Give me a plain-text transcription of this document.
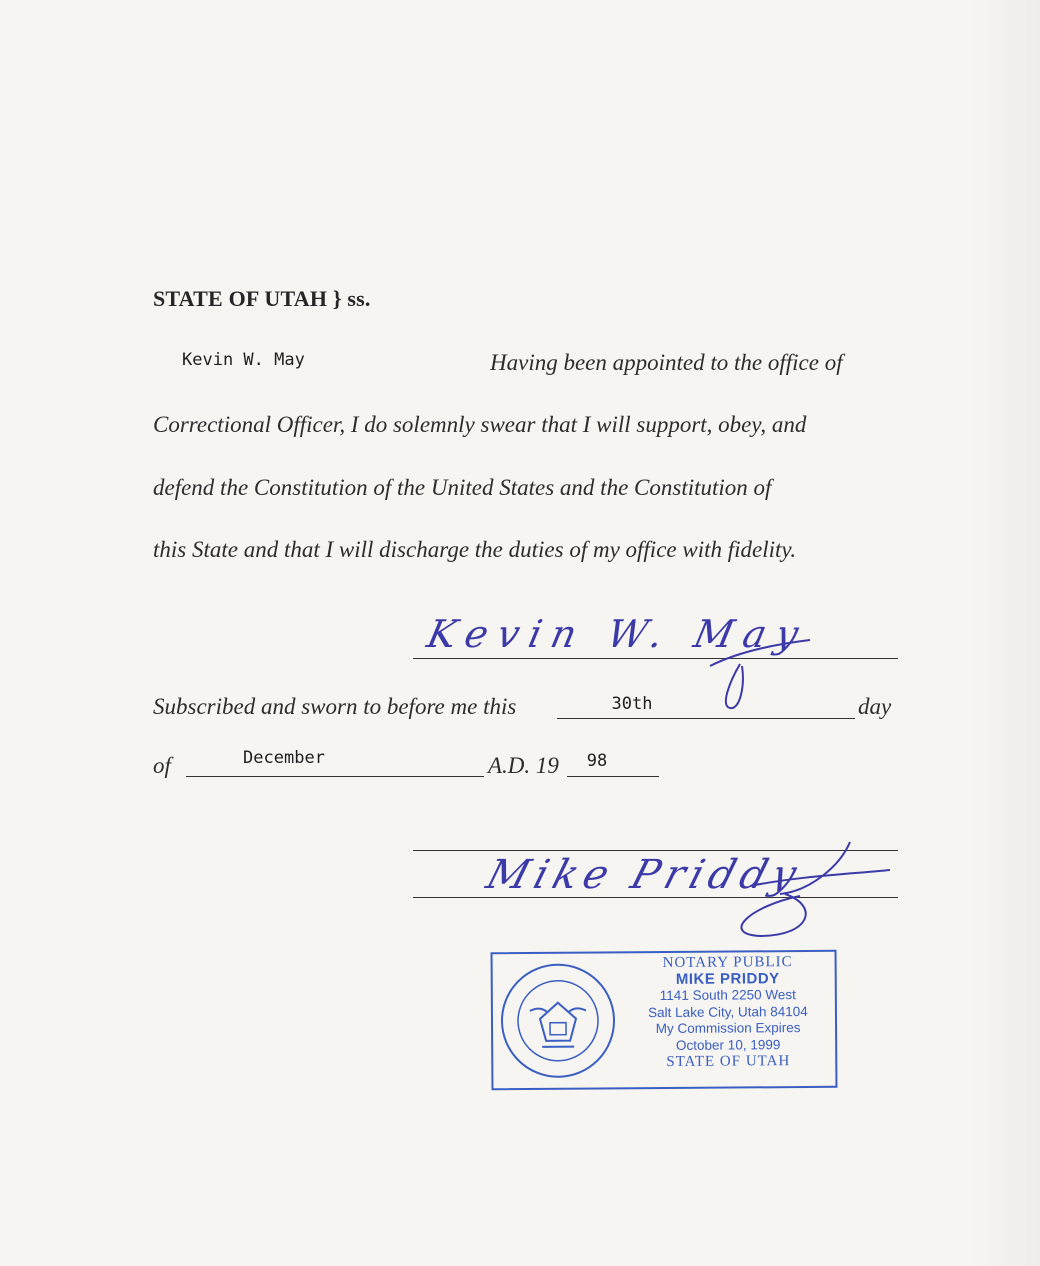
STATE OF UTAH } ss.
Kevin W. May	Having been appointed to the office of
Correctional Officer, I do solemnly swear that I will support, obey, and
defend the Constitution of the United States and the Constitution of
this State and that I will discharge the duties of my office with fidelity.
Kevin W. May
Subscribed and sworn to before me this	30th	day
of	December	A.D. 19	98
Mike Priddy
NOTARY PUBLIC
MIKE PRIDDY
1141 South 2250 West
Salt Lake City, Utah 84104
My Commission Expires
October 10, 1999
STATE OF UTAH
